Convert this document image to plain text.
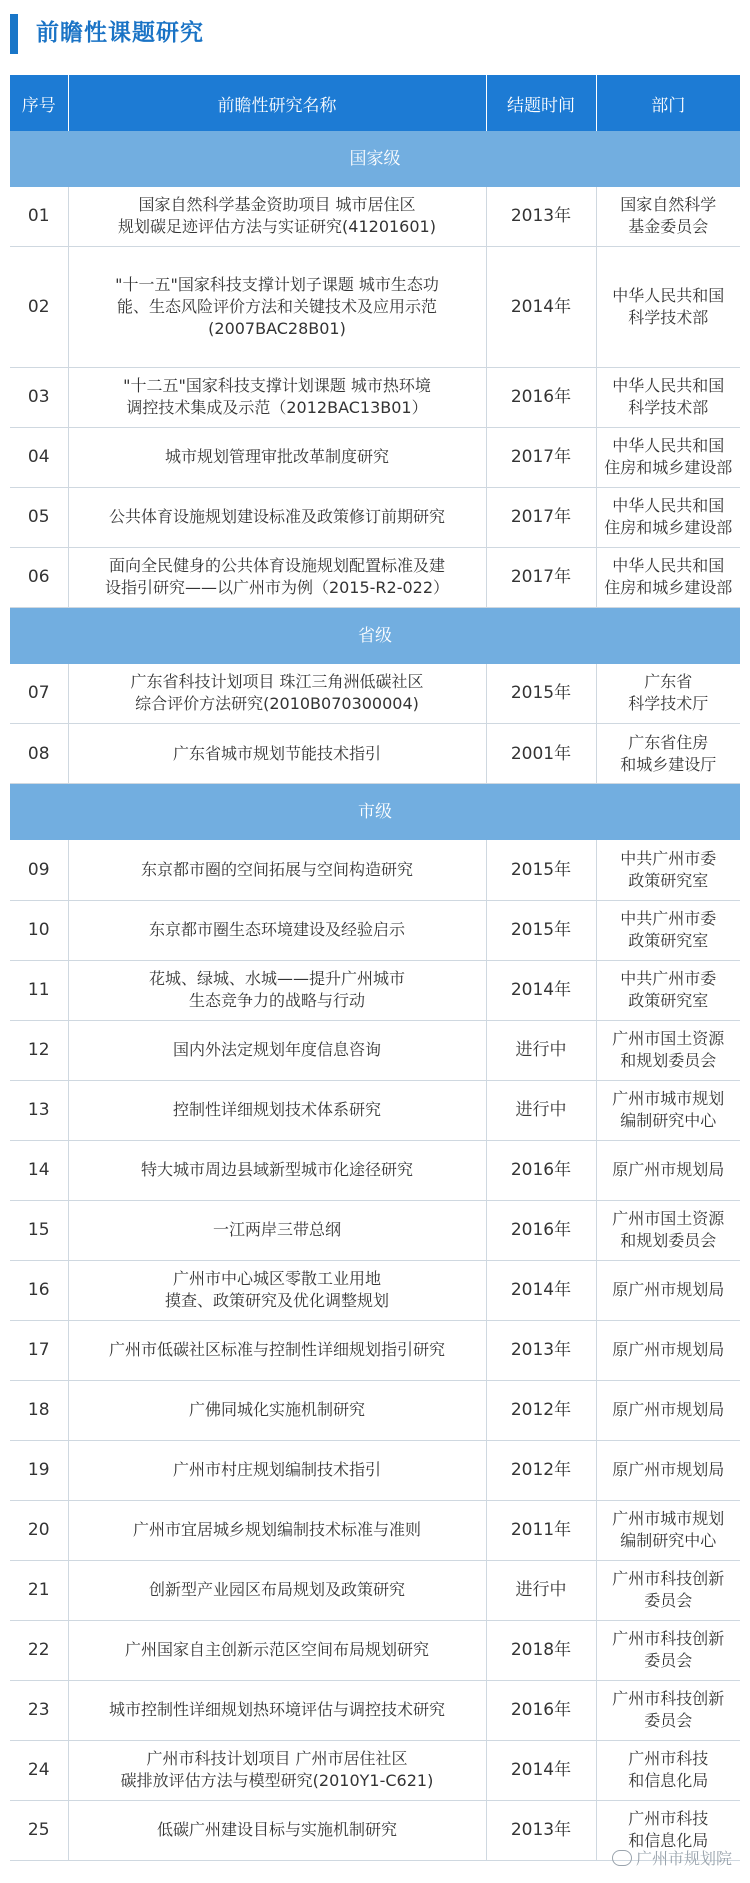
前瞻性课题研究
序号	前瞻性研究名称	结题时间	部门
国家级			
01	国家自然科学基金资助项目 城市居住区
规划碳足迹评估方法与实证研究(41201601)	2013年	国家自然科学
基金委员会
02	"十一五"国家科技支撑计划子课题 城市生态功
能、生态风险评价方法和关键技术及应用示范
(2007BAC28B01)	2014年	中华人民共和国
科学技术部
03	"十二五"国家科技支撑计划课题 城市热环境
调控技术集成及示范（2012BAC13B01）	2016年	中华人民共和国
科学技术部
04	城市规划管理审批改革制度研究	2017年	中华人民共和国
住房和城乡建设部
05	公共体育设施规划建设标准及政策修订前期研究	2017年	中华人民共和国
住房和城乡建设部
06	面向全民健身的公共体育设施规划配置标准及建
设指引研究——以广州市为例（2015-R2-022）	2017年	中华人民共和国
住房和城乡建设部
省级			
07	广东省科技计划项目 珠江三角洲低碳社区
综合评价方法研究(2010B070300004)	2015年	广东省
科学技术厅
08	广东省城市规划节能技术指引	2001年	广东省住房
和城乡建设厅
市级			
09	东京都市圈的空间拓展与空间构造研究	2015年	中共广州市委
政策研究室
10	东京都市圈生态环境建设及经验启示	2015年	中共广州市委
政策研究室
11	花城、绿城、水城——提升广州城市
生态竞争力的战略与行动	2014年	中共广州市委
政策研究室
12	国内外法定规划年度信息咨询	进行中	广州市国土资源
和规划委员会
13	控制性详细规划技术体系研究	进行中	广州市城市规划
编制研究中心
14	特大城市周边县域新型城市化途径研究	2016年	原广州市规划局
15	一江两岸三带总纲	2016年	广州市国土资源
和规划委员会
16	广州市中心城区零散工业用地
摸查、政策研究及优化调整规划	2014年	原广州市规划局
17	广州市低碳社区标准与控制性详细规划指引研究	2013年	原广州市规划局
18	广佛同城化实施机制研究	2012年	原广州市规划局
19	广州市村庄规划编制技术指引	2012年	原广州市规划局
20	广州市宜居城乡规划编制技术标准与准则	2011年	广州市城市规划
编制研究中心
21	创新型产业园区布局规划及政策研究	进行中	广州市科技创新
委员会
22	广州国家自主创新示范区空间布局规划研究	2018年	广州市科技创新
委员会
23	城市控制性详细规划热环境评估与调控技术研究	2016年	广州市科技创新
委员会
24	广州市科技计划项目 广州市居住社区
碳排放评估方法与模型研究(2010Y1-C621)	2014年	广州市科技
和信息化局
25	低碳广州建设目标与实施机制研究	2013年	广州市科技
和信息化局
广州市规划院
